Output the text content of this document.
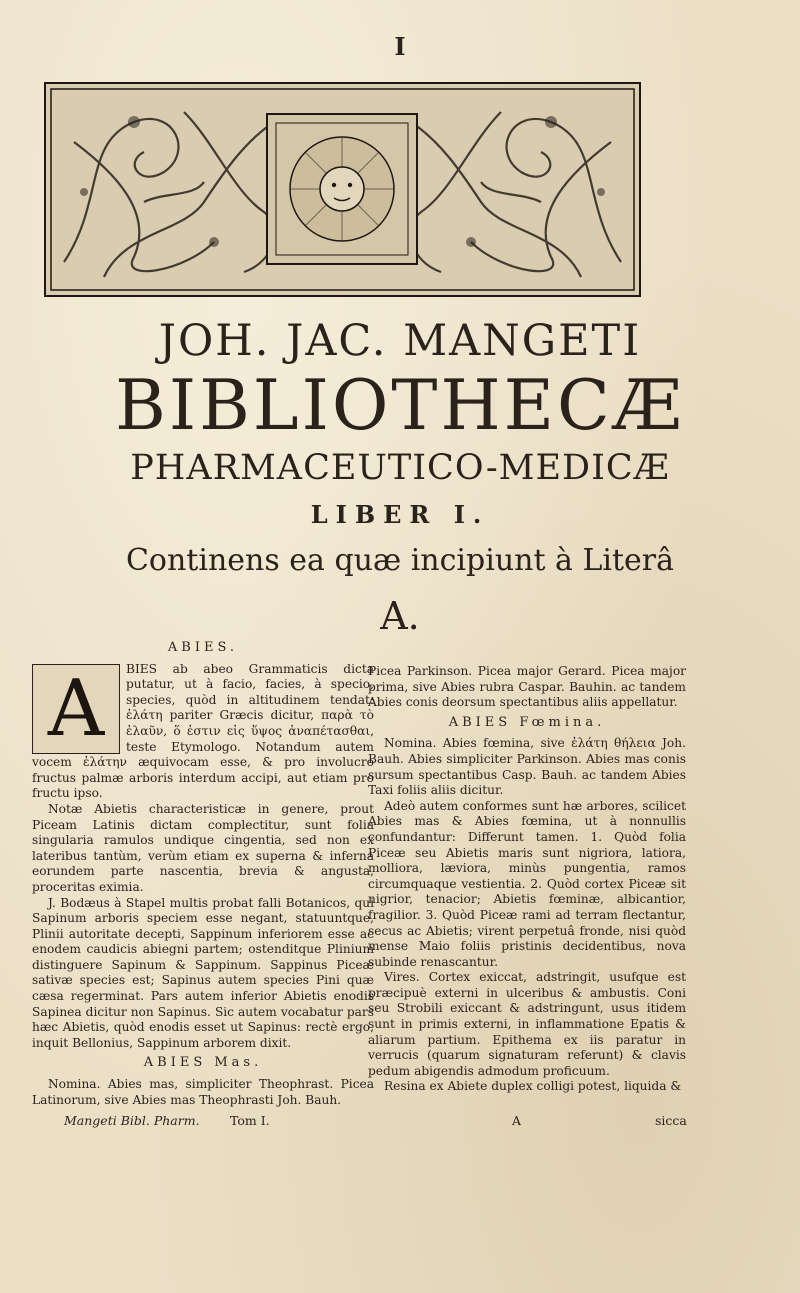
I
JOH. JAC. MANGETI
BIBLIOTHECÆ
PHARMACEUTICO-MEDICÆ
LIBER I.
Continens ea quæ incipiunt à Literâ
A.
ABIES.
A	BIES ab abeo Grammaticis dicta putatur, ut à facio, facies, à specio, species, quòd in altitudinem tendat: ἐλάτη pariter Græcis dicitur, παρὰ τὸ ἐλαῦν, ὅ ἐστιν εἰς ὕψος ἀναπέτασθαι, teste Etymologo. Notandum autem vocem ἐλάτην æquivocam esse, & pro involucro fructus palmæ arboris interdum accipi, aut etiam pro fructu ipso.

Notæ Abietis characteristicæ in genere, prout Piceam Latinis dictam complectitur, sunt folia singularia ramulos undique cingentia, sed non ex lateribus tantùm, verùm etiam ex superna & inferna eorundem parte nascentia, brevia & angusta, proceritas eximia.

J. Bodæus à Stapel multis probat falli Botanicos, qui Sapinum arboris speciem esse negant, statuuntque, Plinii autoritate decepti, Sappinum inferiorem esse ac enodem caudicis abiegni partem; ostenditque Plinium distinguere Sapinum & Sappinum. Sappinus Piceæ sativæ species est; Sapinus autem species Pini quæ cæsa regerminat. Pars autem inferior Abietis enodis Sapinea dicitur non Sapinus. Sic autem vocabatur pars hæc Abietis, quòd enodis esset ut Sapinus: rectè ergo, inquit Bellonius, Sappinum arborem dixit.

ABIES Mas.

Nomina. Abies mas, simpliciter Theophrast. Picea Latinorum, sive Abies mas Theophrasti Joh. Bauh.

Picea Parkinson. Picea major Gerard. Picea major prima, sive Abies rubra Caspar. Bauhin. ac tandem Abies conis deorsum spectantibus aliis appellatur.

ABIES Fœmina.

Nomina. Abies fœmina, sive ἐλάτη θήλεια Joh. Bauh. Abies simpliciter Parkinson. Abies mas conis sursum spectantibus Casp. Bauh. ac tandem Abies Taxi foliis aliis dicitur.

Adeò autem conformes sunt hæ arbores, scilicet Abies mas & Abies fœmina, ut à nonnullis confundantur: Differunt tamen. 1. Quòd folia Piceæ seu Abietis maris sunt nigriora, latiora, molliora, læviora, minùs pungentia, ramos circumquaque vestientia. 2. Quòd cortex Piceæ sit nigrior, tenacior; Abietis fœminæ, albicantior, fragilior. 3. Quòd Piceæ rami ad terram flectantur, secus ac Abietis; virent perpetuâ fronde, nisi quòd mense Maio foliis pristinis decidentibus, nova subinde renascantur.

Vires. Cortex exiccat, adstringit, usufque est præcipuè externi in ulceribus & ambustis. Coni seu Strobili exiccant & adstringunt, usus itidem sunt in primis externi, in inflammatione Epatis & aliarum partium. Epithema ex iis paratur in verrucis (quarum signaturam referunt) & clavis pedum abigendis admodum proficuum.

Resina ex Abiete duplex colligi potest, liquida &

Mangeti Bibl. Pharm. Tom I.	A	sicca
